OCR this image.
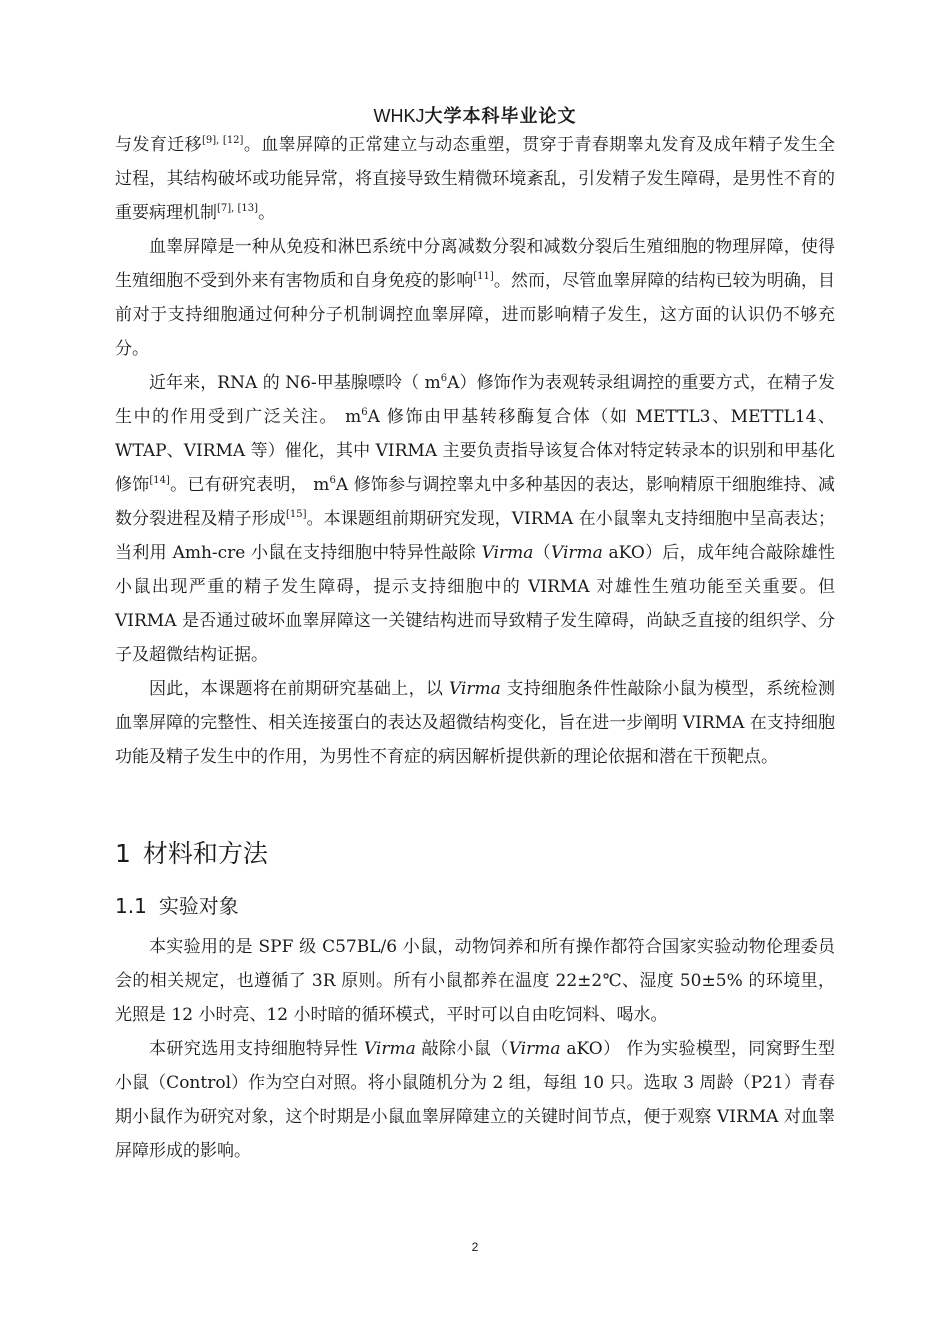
WHKJ大学本科毕业论文

与发育迁移[9], [12]。血睾屏障的正常建立与动态重塑，贯穿于青春期睾丸发育及成年精子发生全过程，其结构破坏或功能异常，将直接导致生精微环境紊乱，引发精子发生障碍，是男性不育的重要病理机制[7], [13]。

血睾屏障是一种从免疫和淋巴系统中分离减数分裂和减数分裂后生殖细胞的物理屏障，使得生殖细胞不受到外来有害物质和自身免疫的影响[11]。然而，尽管血睾屏障的结构已较为明确，目前对于支持细胞通过何种分子机制调控血睾屏障，进而影响精子发生，这方面的认识仍不够充分。

近年来，RNA 的 N6-甲基腺嘌呤（ $m^6A$）修饰作为表观转录组调控的重要方式，在精子发生中的作用受到广泛关注。 $m^6A$ 修饰由甲基转移酶复合体（如 METTL3、METTL14、WTAP、VIRMA 等）催化，其中 VIRMA 主要负责指导该复合体对特定转录本的识别和甲基化修饰[14]。已有研究表明， $m^6A$ 修饰参与调控睾丸中多种基因的表达，影响精原干细胞维持、减数分裂进程及精子形成[15]。本课题组前期研究发现，VIRMA 在小鼠睾丸支持细胞中呈高表达；当利用 Amh-cre 小鼠在支持细胞中特异性敲除 Virma（Virma aKO）后，成年纯合敲除雄性小鼠出现严重的精子发生障碍，提示支持细胞中的 VIRMA 对雄性生殖功能至关重要。但 VIRMA 是否通过破坏血睾屏障这一关键结构进而导致精子发生障碍，尚缺乏直接的组织学、分子及超微结构证据。

因此，本课题将在前期研究基础上，以 Virma 支持细胞条件性敲除小鼠为模型，系统检测血睾屏障的完整性、相关连接蛋白的表达及超微结构变化，旨在进一步阐明 VIRMA 在支持细胞功能及精子发生中的作用，为男性不育症的病因解析提供新的理论依据和潜在干预靶点。

1 材料和方法
1.1 实验对象

本实验用的是 SPF 级 C57BL/6 小鼠，动物饲养和所有操作都符合国家实验动物伦理委员会的相关规定，也遵循了 3R 原则。所有小鼠都养在温度 22±2℃、湿度 50±5% 的环境里，光照是 12 小时亮、12 小时暗的循环模式，平时可以自由吃饲料、喝水。

本研究选用支持细胞特异性 Virma 敲除小鼠（Virma aKO） 作为实验模型，同窝野生型小鼠（Control）作为空白对照。将小鼠随机分为 2 组，每组 10 只。选取 3 周龄（P21）青春期小鼠作为研究对象，这个时期是小鼠血睾屏障建立的关键时间节点，便于观察 VIRMA 对血睾屏障形成的影响。

2
